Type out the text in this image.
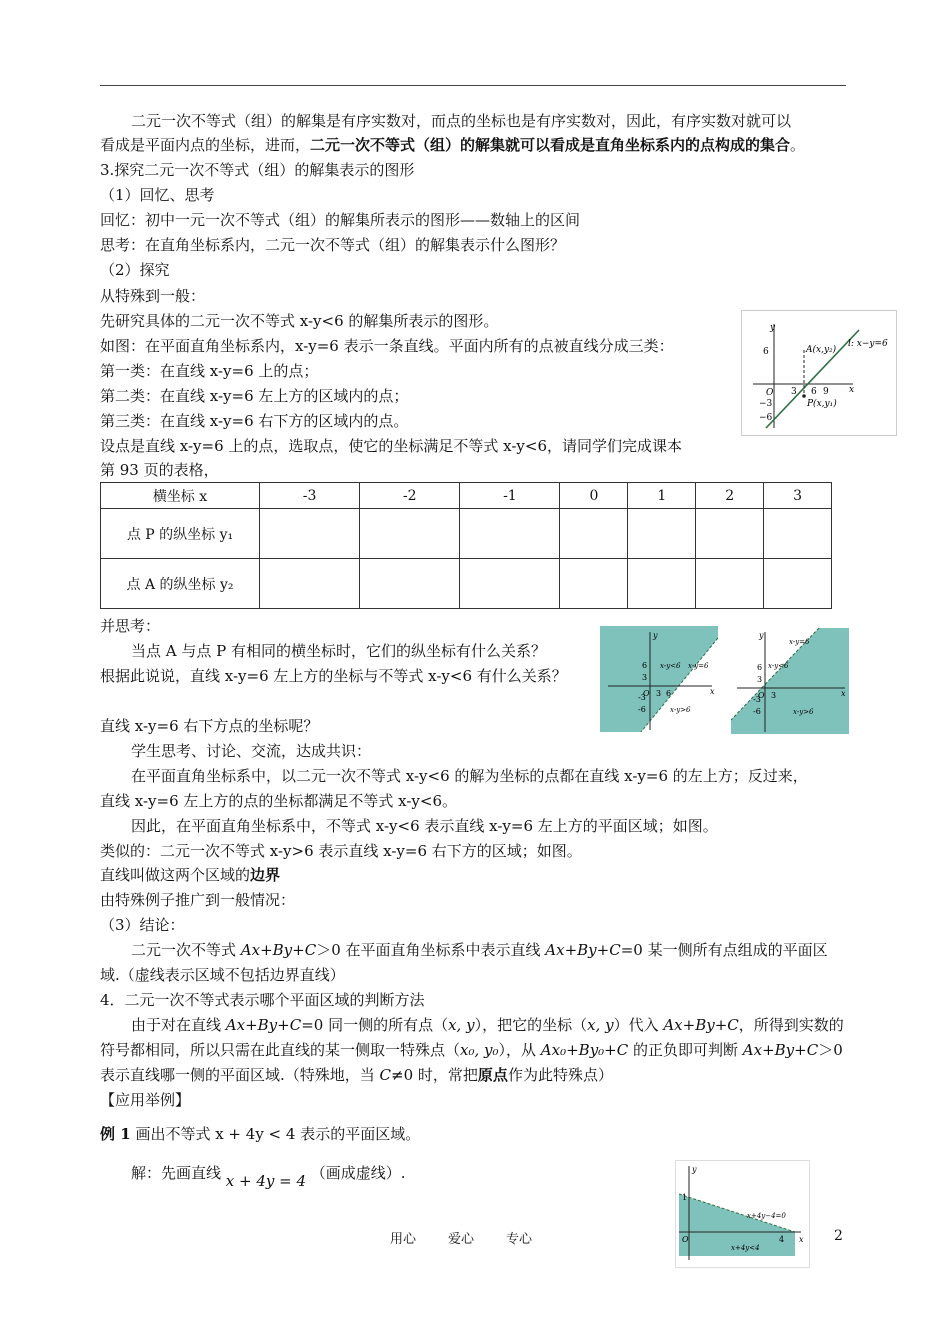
二元一次不等式（组）的解集是有序实数对，而点的坐标也是有序实数对，因此，有序实数对就可以
看成是平面内点的坐标，进而，二元一次不等式（组）的解集就可以看成是直角坐标系内的点构成的集合。
3.探究二元一次不等式（组）的解集表示的图形
（1）回忆、思考
回忆：初中一元一次不等式（组）的解集所表示的图形——数轴上的区间
思考：在直角坐标系内，二元一次不等式（组）的解集表示什么图形？
（2）探究
从特殊到一般：
先研究具体的二元一次不等式 x-y<6 的解集所表示的图形。
如图：在平面直角坐标系内，x-y=6 表示一条直线。平面内所有的点被直线分成三类：
第一类：在直线 x-y=6 上的点；
第二类：在直线 x-y=6 左上方的区域内的点；
第三类：在直线 x-y=6 右下方的区域内的点。
设点是直线 x-y=6 上的点，选取点，使它的坐标满足不等式 x-y<6，请同学们完成课本
第 93 页的表格，
横坐标 x	-3	-2	-1	0	1	2	3
点 P 的纵坐标 y₁							
点 A 的纵坐标 y₂							
并思考：
当点 A 与点 P 有相同的横坐标时，它们的纵坐标有什么关系？
根据此说说，直线 x-y=6 左上方的坐标与不等式 x-y<6 有什么关系？
直线 x-y=6 右下方点的坐标呢？
学生思考、讨论、交流，达成共识：
在平面直角坐标系中，以二元一次不等式 x-y<6 的解为坐标的点都在直线 x-y=6 的左上方；反过来，
直线 x-y=6 左上方的点的坐标都满足不等式 x-y<6。
因此，在平面直角坐标系中，不等式 x-y<6 表示直线 x-y=6 左上方的平面区域；如图。
类似的：二元一次不等式 x-y>6 表示直线 x-y=6 右下方的区域；如图。
直线叫做这两个区域的边界
由特殊例子推广到一般情况：
（3）结论：
二元一次不等式 Ax+By+C＞0 在平面直角坐标系中表示直线 Ax+By+C=0 某一侧所有点组成的平面区
域.（虚线表示区域不包括边界直线）
4．二元一次不等式表示哪个平面区域的判断方法
由于对在直线 Ax+By+C=0 同一侧的所有点（x, y），把它的坐标（x, y）代入 Ax+By+C，所得到实数的
符号都相同，所以只需在此直线的某一侧取一特殊点（x₀, y₀），从 Ax₀+By₀+C 的正负即可判断 Ax+By+C＞0
表示直线哪一侧的平面区域.（特殊地，当 C≠0 时，常把原点作为此特殊点）
【应用举例】
例 1 画出不等式 x + 4y < 4 表示的平面区域。
解：先画直线 x + 4y = 4 （画成虚线）.
y
x
O
6
−3
−6
3 6 9
A(x,y₂)
P(x,y₁)
l: x−y=6
y
x
O
6
3
-3
-6
3 6
x-y<6 x-y=6
x-y>6
y
x
O
6
3
-3
-6
3
x-y=6
x-y<6
x-y>6
y
x
O
1
4
x+4y−4=0
x+4y<4
用心 爱心 专心	2
